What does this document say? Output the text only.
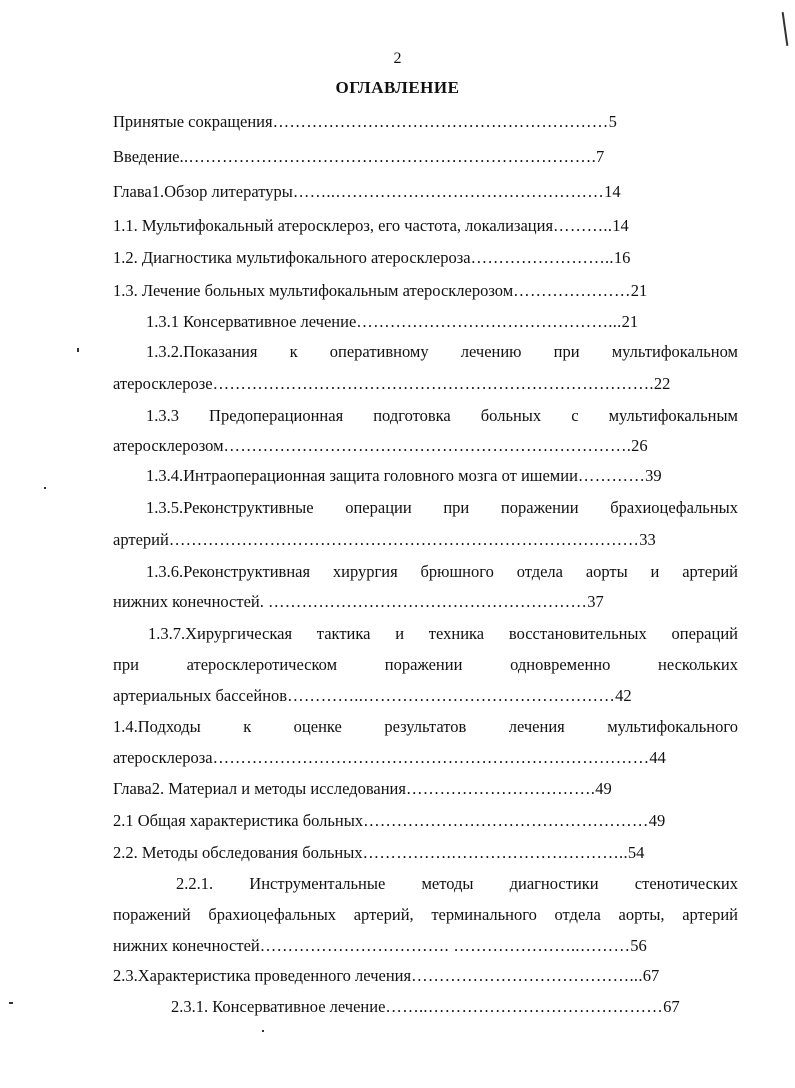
2
ОГЛАВЛЕНИЕ
Принятые сокращения……………………………………………………5
Введение..……………………………………………………………….7
Глава1.Обзор литературы……..…………………………………………14
1.1. Мультифокальный атеросклероз, его частота, локализация………..14
1.2. Диагностика мультифокального атеросклероза……………………..16
1.3. Лечение больных мультифокальным атеросклерозом…………………21
1.3.1 Консервативное лечение………………………………………...21
1.3.2.Показания к оперативному лечению при мультифокальном
атеросклерозе…………………………………………………………………….22
1.3.3 Предоперационная подготовка больных с мультифокальным
атеросклерозом……………………………………………………………….26
1.3.4.Интраоперационная защита головного мозга от ишемии…………39
1.3.5.Реконструктивные операции при поражении брахиоцефальных
артерий…………………………………………………………………………33
1.3.6.Реконструктивная хирургия брюшного отдела аорты и артерий
нижних конечностей. …………………………………………………37
1.3.7.Хирургическая тактика и техника восстановительных операций
при атеросклеротическом поражении одновременно нескольких
артериальных бассейнов…………..………………………………………42
1.4.Подходы к оценке результатов лечения мультифокального
атеросклероза……………………………………………………………………44
Глава2. Материал и методы исследования…………………………….49
2.1 Общая характеристика больных……………………………………………49
2.2. Методы обследования больных…………….…………………………..54
2.2.1. Инструментальные методы диагностики стенотических
поражений брахиоцефальных артерий, терминального отдела аорты, артерий
нижних конечностей……………………………. …………………..………56
2.3.Характеристика проведенного лечения…………………………………...67
2.3.1. Консервативное лечение……..……………………………………67
